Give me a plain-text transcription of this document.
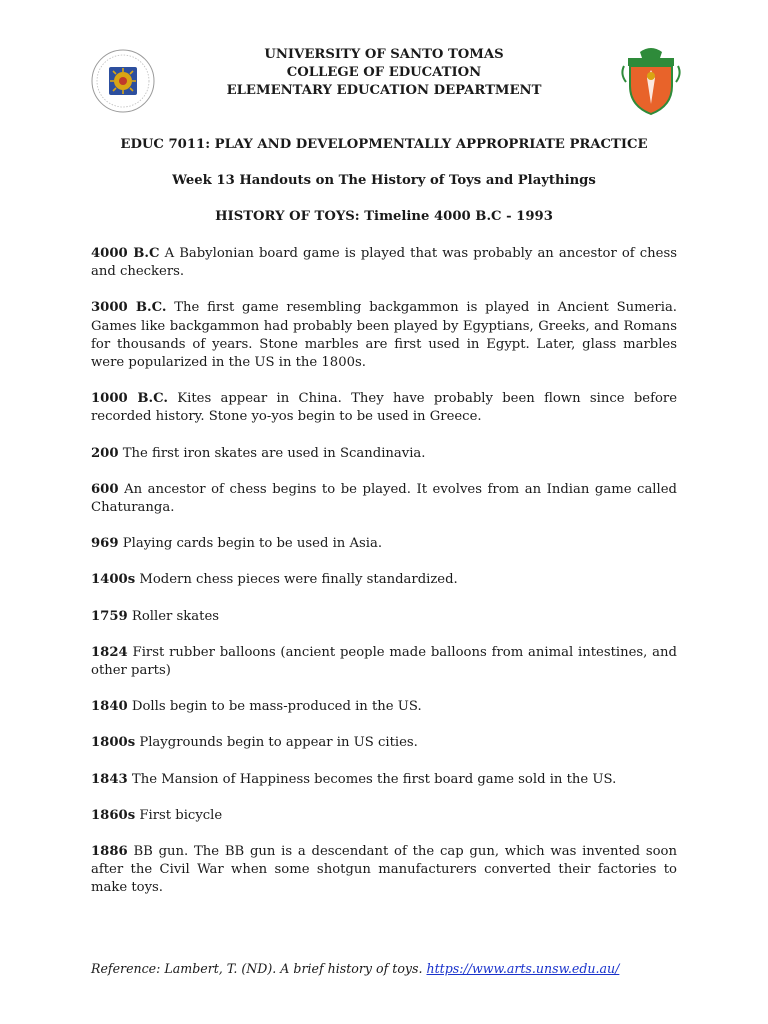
UNIVERSITY OF SANTO TOMAS
COLLEGE OF EDUCATION
ELEMENTARY EDUCATION DEPARTMENT
EDUC 7011: PLAY AND DEVELOPMENTALLY APPROPRIATE PRACTICE
Week 13 Handouts on The History of Toys and Playthings
HISTORY OF TOYS: Timeline 4000 B.C - 1993

4000 B.C A Babylonian board game is played that was probably an ancestor of chess and checkers.

3000 B.C. The first game resembling backgammon is played in Ancient Sumeria. Games like backgammon had probably been played by Egyptians, Greeks, and Romans for thousands of years. Stone marbles are first used in Egypt. Later, glass marbles were popularized in the US in the 1800s.

1000 B.C. Kites appear in China. They have probably been flown since before recorded history. Stone yo-yos begin to be used in Greece.

200 The first iron skates are used in Scandinavia.

600 An ancestor of chess begins to be played. It evolves from an Indian game called Chaturanga.

969 Playing cards begin to be used in Asia.

1400s Modern chess pieces were finally standardized.

1759 Roller skates

1824 First rubber balloons (ancient people made balloons from animal intestines, and other parts)

1840 Dolls begin to be mass-produced in the US.

1800s Playgrounds begin to appear in US cities.

1843 The Mansion of Happiness becomes the first board game sold in the US.

1860s First bicycle

1886 BB gun. The BB gun is a descendant of the cap gun, which was invented soon after the Civil War when some shotgun manufacturers converted their factories to make toys.

Reference: Lambert, T. (ND). A brief history of toys. https://www.arts.unsw.edu.au/
